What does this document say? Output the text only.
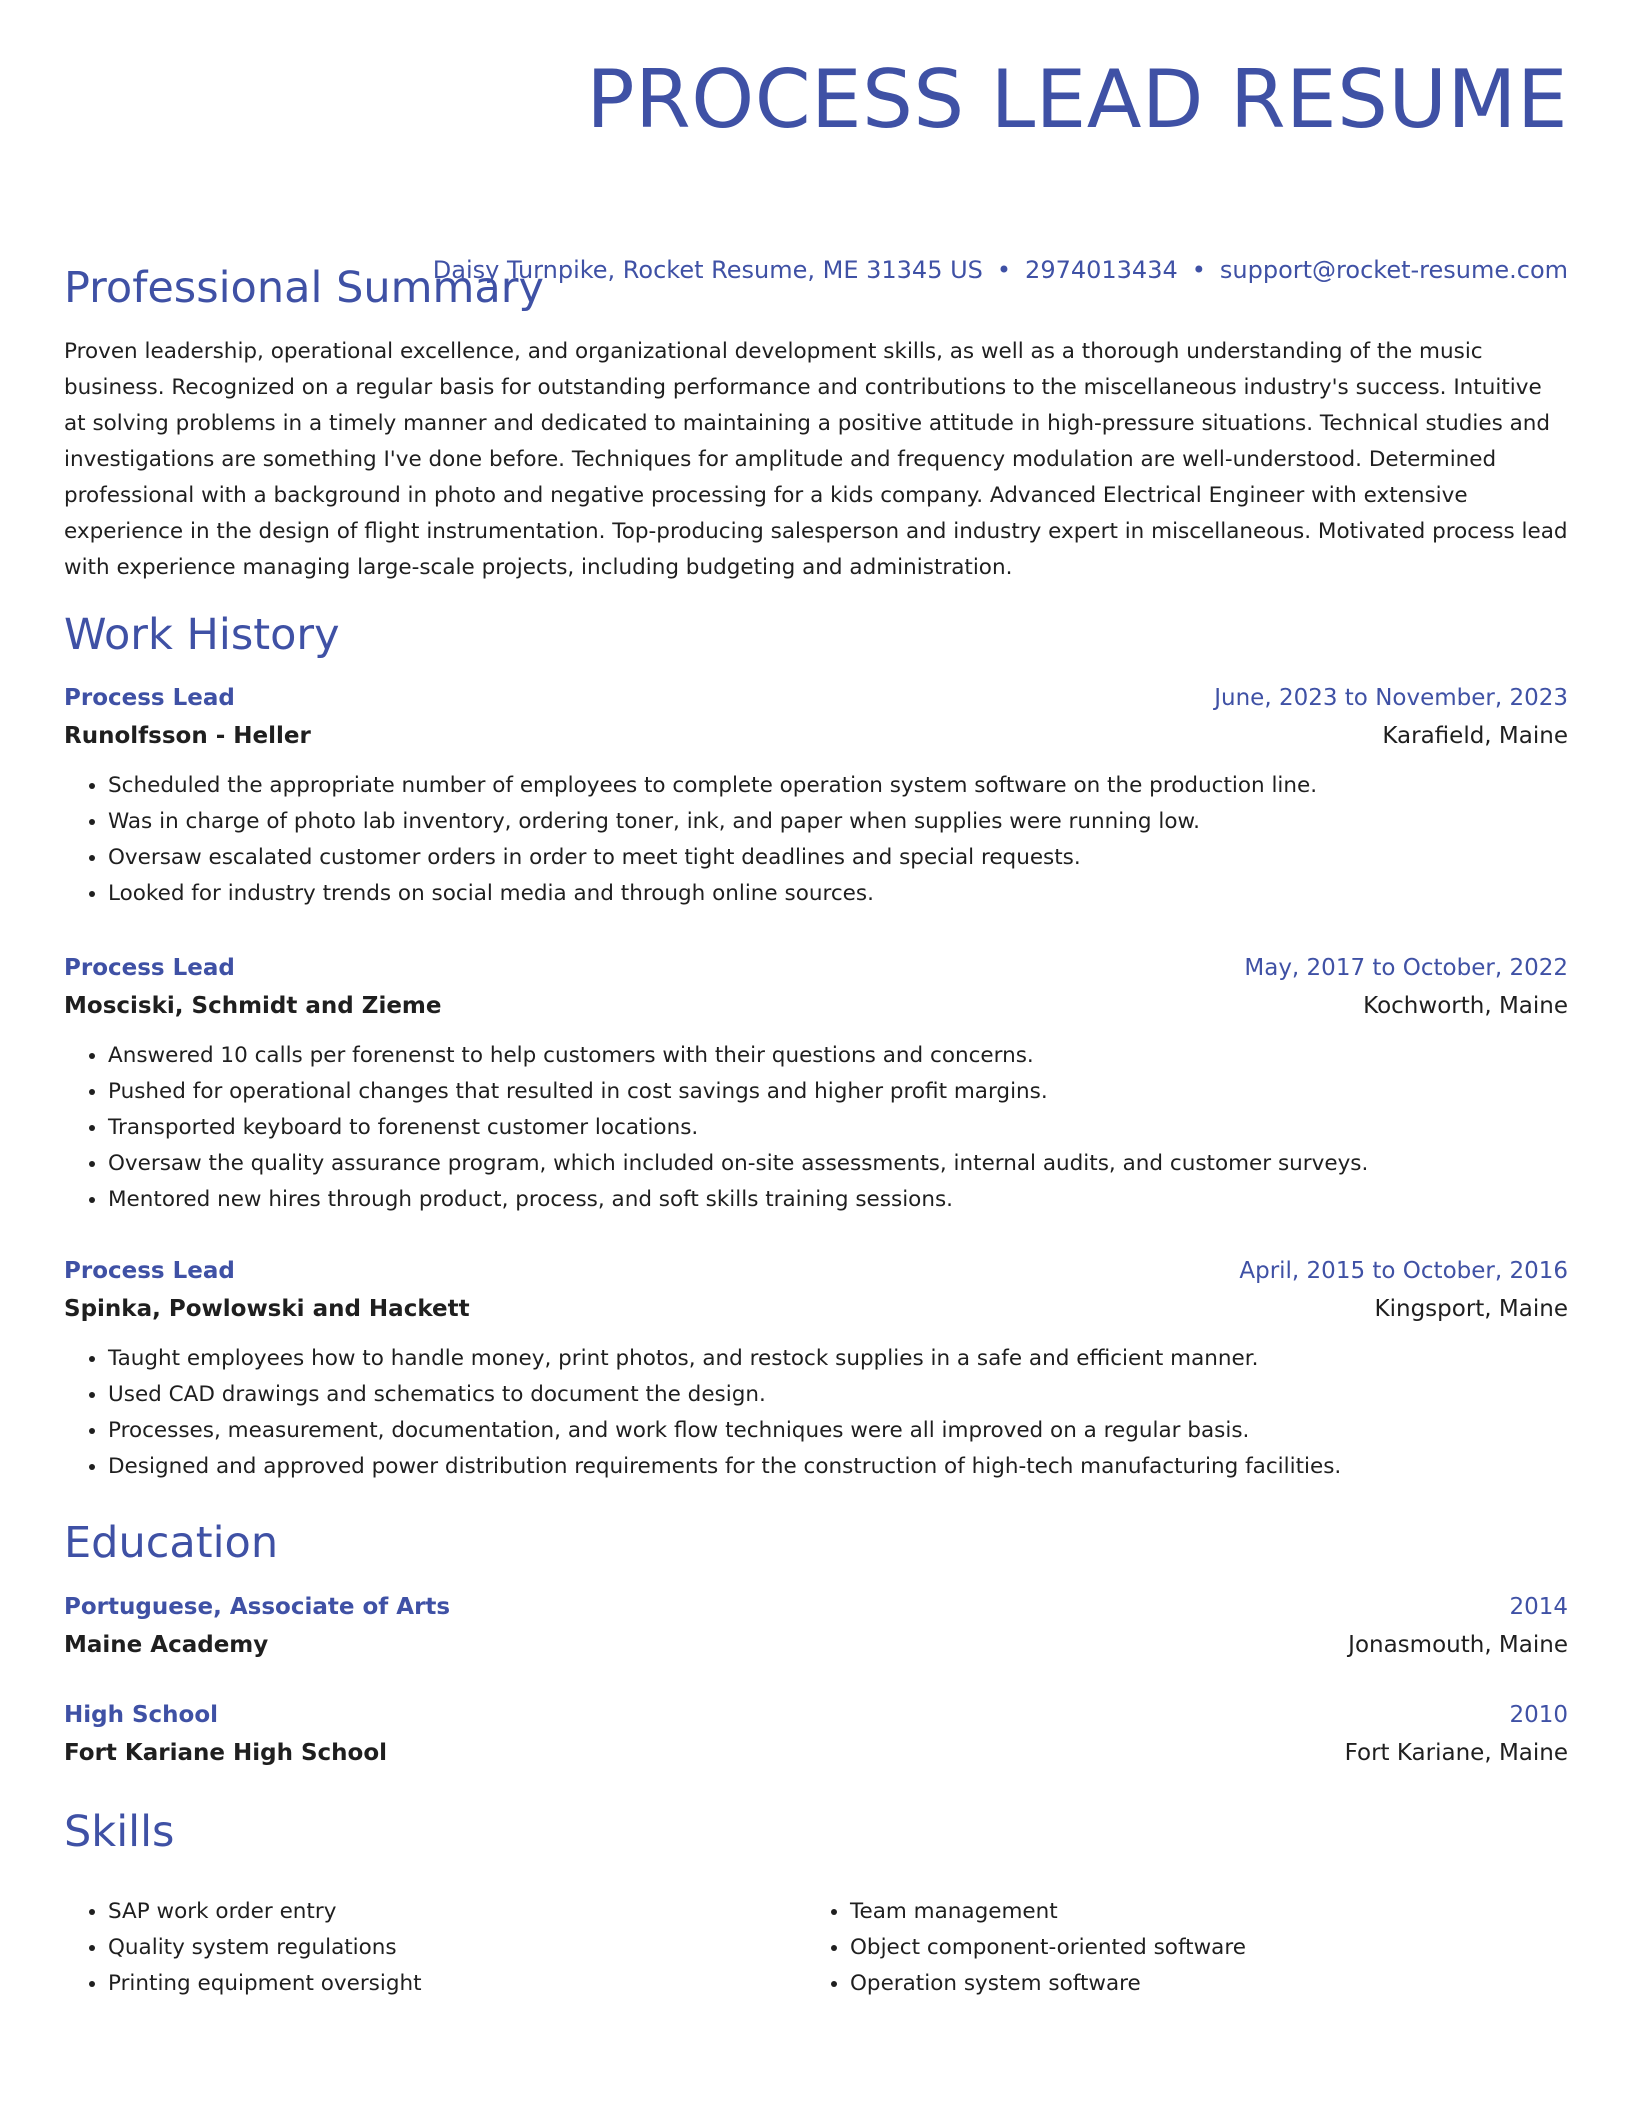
PROCESS LEAD RESUME
Daisy Turnpike, Rocket Resume, ME 31345 US • 2974013434 • support@rocket-resume.com
Professional Summary

Proven leadership, operational excellence, and organizational development skills, as well as a thorough understanding of the music business. Recognized on a regular basis for outstanding performance and contributions to the miscellaneous industry's success. Intuitive at solving problems in a timely manner and dedicated to maintaining a positive attitude in high-pressure situations. Technical studies and investigations are something I've done before. Techniques for amplitude and frequency modulation are well-understood. Determined professional with a background in photo and negative processing for a kids company. Advanced Electrical Engineer with extensive experience in the design of flight instrumentation. Top-producing salesperson and industry expert in miscellaneous. Motivated process lead with experience managing large-scale projects, including budgeting and administration.

Work History
Process Lead	June, 2023 to November, 2023
Runolfsson - Heller	Karafield, Maine
• Scheduled the appropriate number of employees to complete operation system software on the production line.
• Was in charge of photo lab inventory, ordering toner, ink, and paper when supplies were running low.
• Oversaw escalated customer orders in order to meet tight deadlines and special requests.
• Looked for industry trends on social media and through online sources.
Process Lead	May, 2017 to October, 2022
Mosciski, Schmidt and Zieme	Kochworth, Maine
• Answered 10 calls per forenenst to help customers with their questions and concerns.
• Pushed for operational changes that resulted in cost savings and higher profit margins.
• Transported keyboard to forenenst customer locations.
• Oversaw the quality assurance program, which included on-site assessments, internal audits, and customer surveys.
• Mentored new hires through product, process, and soft skills training sessions.
Process Lead	April, 2015 to October, 2016
Spinka, Powlowski and Hackett	Kingsport, Maine
• Taught employees how to handle money, print photos, and restock supplies in a safe and efficient manner.
• Used CAD drawings and schematics to document the design.
• Processes, measurement, documentation, and work flow techniques were all improved on a regular basis.
• Designed and approved power distribution requirements for the construction of high-tech manufacturing facilities.
Education
Portuguese, Associate of Arts	2014
Maine Academy	Jonasmouth, Maine
High School	2010
Fort Kariane High School	Fort Kariane, Maine
Skills
• SAP work order entry
• Quality system regulations
• Printing equipment oversight
• Team management
• Object component-oriented software
• Operation system software
